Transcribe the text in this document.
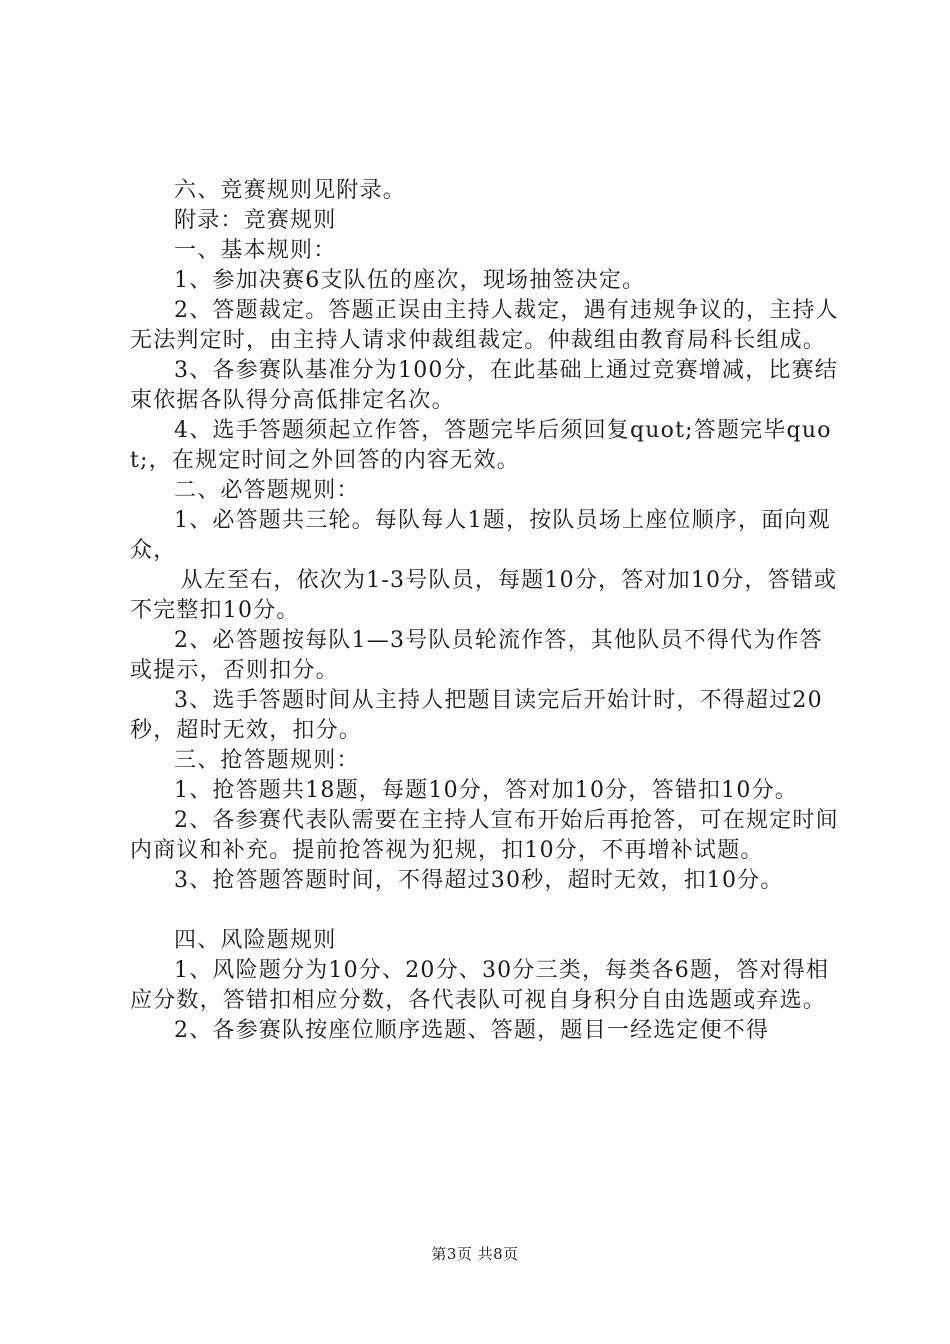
六、竞赛规则见附录。

附录：竞赛规则

一、基本规则：

1、参加决赛6支队伍的座次，现场抽签决定。

2、答题裁定。答题正误由主持人裁定，遇有违规争议的，主持人无法判定时，由主持人请求仲裁组裁定。仲裁组由教育局科长组成。

3、各参赛队基准分为100分，在此基础上通过竞赛增减，比赛结束依据各队得分高低排定名次。

4、选手答题须起立作答，答题完毕后须回复quot;答题完毕quot;，在规定时间之外回答的内容无效。

二、必答题规则：

1、必答题共三轮。每队每人1题，按队员场上座位顺序，面向观众，

从左至右，依次为1-3号队员，每题10分，答对加10分，答错或不完整扣10分。

2、必答题按每队1—3号队员轮流作答，其他队员不得代为作答或提示，否则扣分。

3、选手答题时间从主持人把题目读完后开始计时，不得超过20秒，超时无效，扣分。

三、抢答题规则：

1、抢答题共18题，每题10分，答对加10分，答错扣10分。

2、各参赛代表队需要在主持人宣布开始后再抢答，可在规定时间内商议和补充。提前抢答视为犯规，扣10分，不再增补试题。

3、抢答题答题时间，不得超过30秒，超时无效，扣10分。

四、风险题规则

1、风险题分为10分、20分、30分三类，每类各6题，答对得相应分数，答错扣相应分数，各代表队可视自身积分自由选题或弃选。

2、各参赛队按座位顺序选题、答题，题目一经选定便不得

第3页 共8页
